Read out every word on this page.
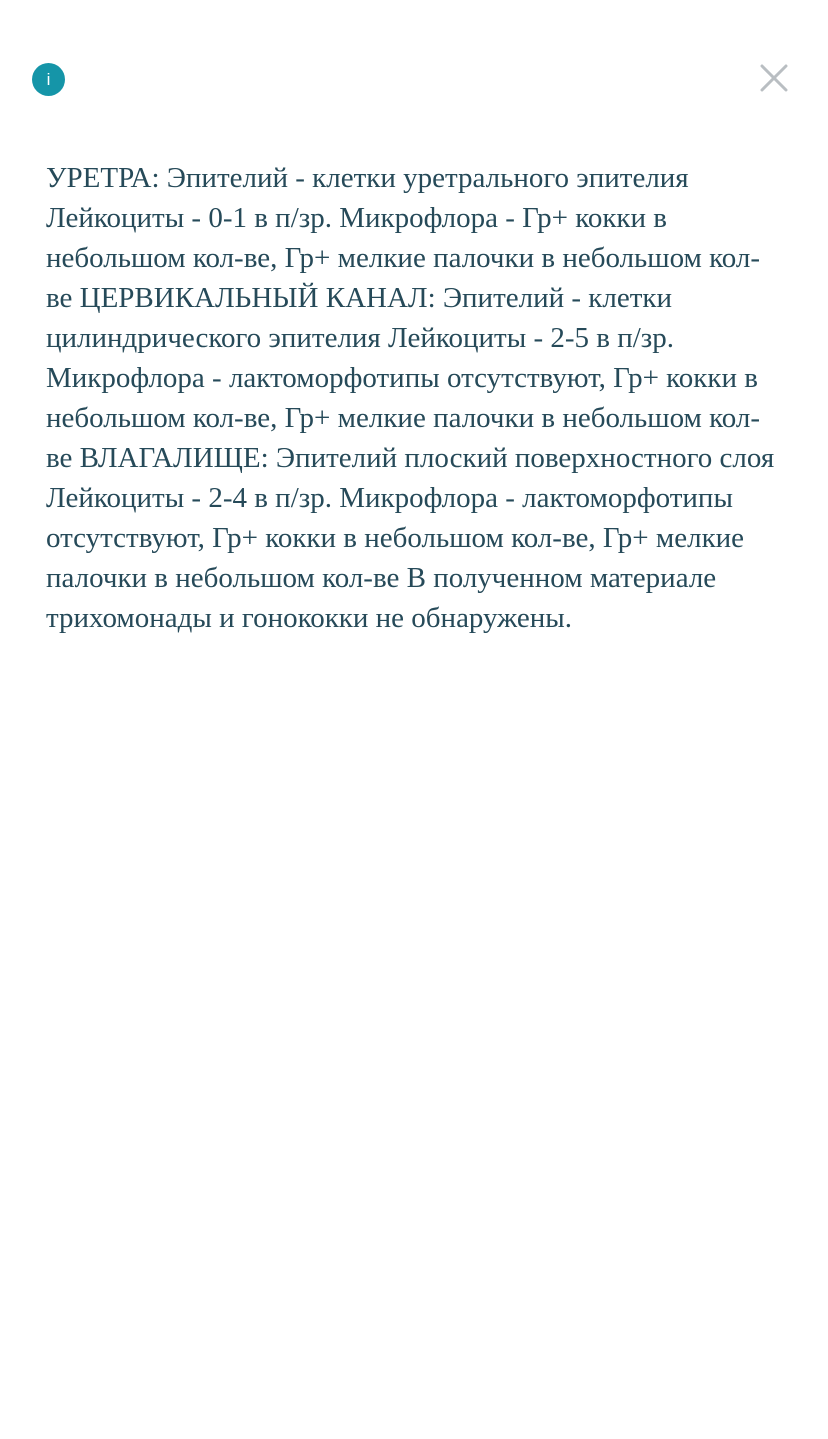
i

УРЕТРА: Эпителий - клетки уретрального эпителия Лейкоциты - 0-1 в п/зр. Микрофлора - Гр+ кокки в небольшом кол-ве, Гр+ мелкие палочки в небольшом кол-ве ЦЕРВИКАЛЬНЫЙ КАНАЛ: Эпителий - клетки цилиндрического эпителия Лейкоциты - 2-5 в п/зр. Микрофлора - лактоморфотипы отсутствуют, Гр+ кокки в небольшом кол-ве, Гр+ мелкие палочки в небольшом кол-ве ВЛАГАЛИЩЕ: Эпителий плоский поверхностного слоя Лейкоциты - 2-4 в п/зр. Микрофлора - лактоморфотипы отсутствуют, Гр+ кокки в небольшом кол-ве, Гр+ мелкие палочки в небольшом кол-ве В полученном материале трихомонады и гонококки не обнаружены.
